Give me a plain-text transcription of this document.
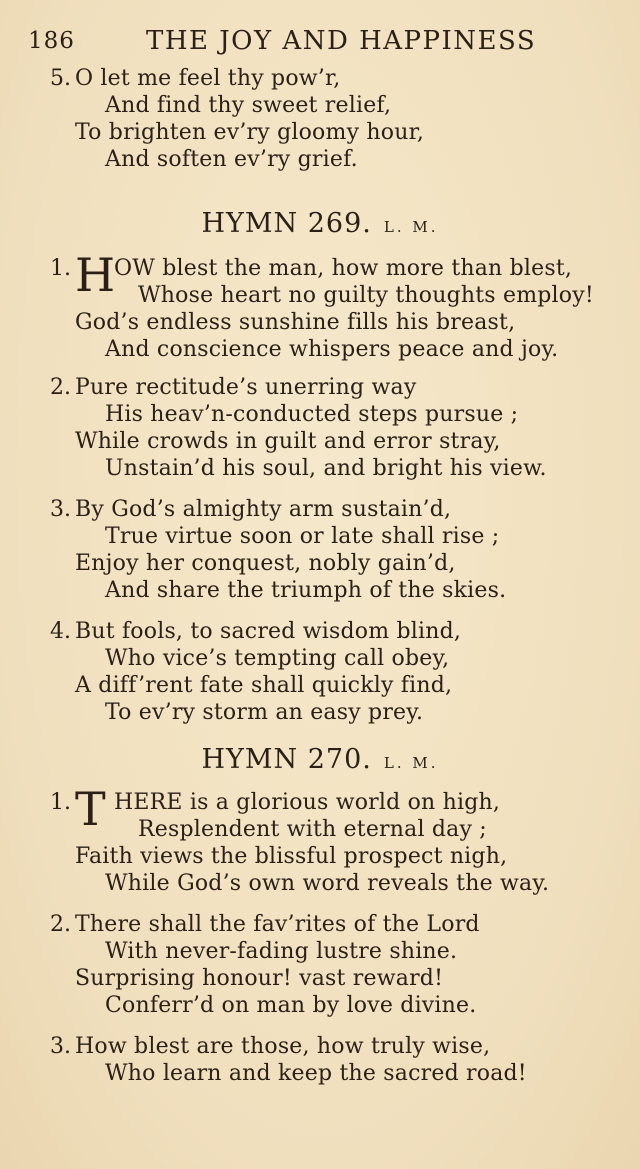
186	THE JOY AND HAPPINESS
5. O let me feel thy pow’r,
And find thy sweet relief,
To brighten ev’ry gloomy hour,
And soften ev’ry grief.
HYMN 269. L. M.
1. H
OW blest the man, how more than blest,
Whose heart no guilty thoughts employ!
God’s endless sunshine fills his breast,
And conscience whispers peace and joy.
2. Pure rectitude’s unerring way
His heav’n-conducted steps pursue ;
While crowds in guilt and error stray,
Unstain’d his soul, and bright his view.
3. By God’s almighty arm sustain’d,
True virtue soon or late shall rise ;
Enjoy her conquest, nobly gain’d,
And share the triumph of the skies.
4. But fools, to sacred wisdom blind,
Who vice’s tempting call obey,
A diff’rent fate shall quickly find,
To ev’ry storm an easy prey.
HYMN 270. L. M.
1. T HERE is a glorious world on high,
Resplendent with eternal day ;
Faith views the blissful prospect nigh,
While God’s own word reveals the way.
2. There shall the fav’rites of the Lord
With never-fading lustre shine.
Surprising honour! vast reward!
Conferr’d on man by love divine.
3. How blest are those, how truly wise,
Who learn and keep the sacred road!
